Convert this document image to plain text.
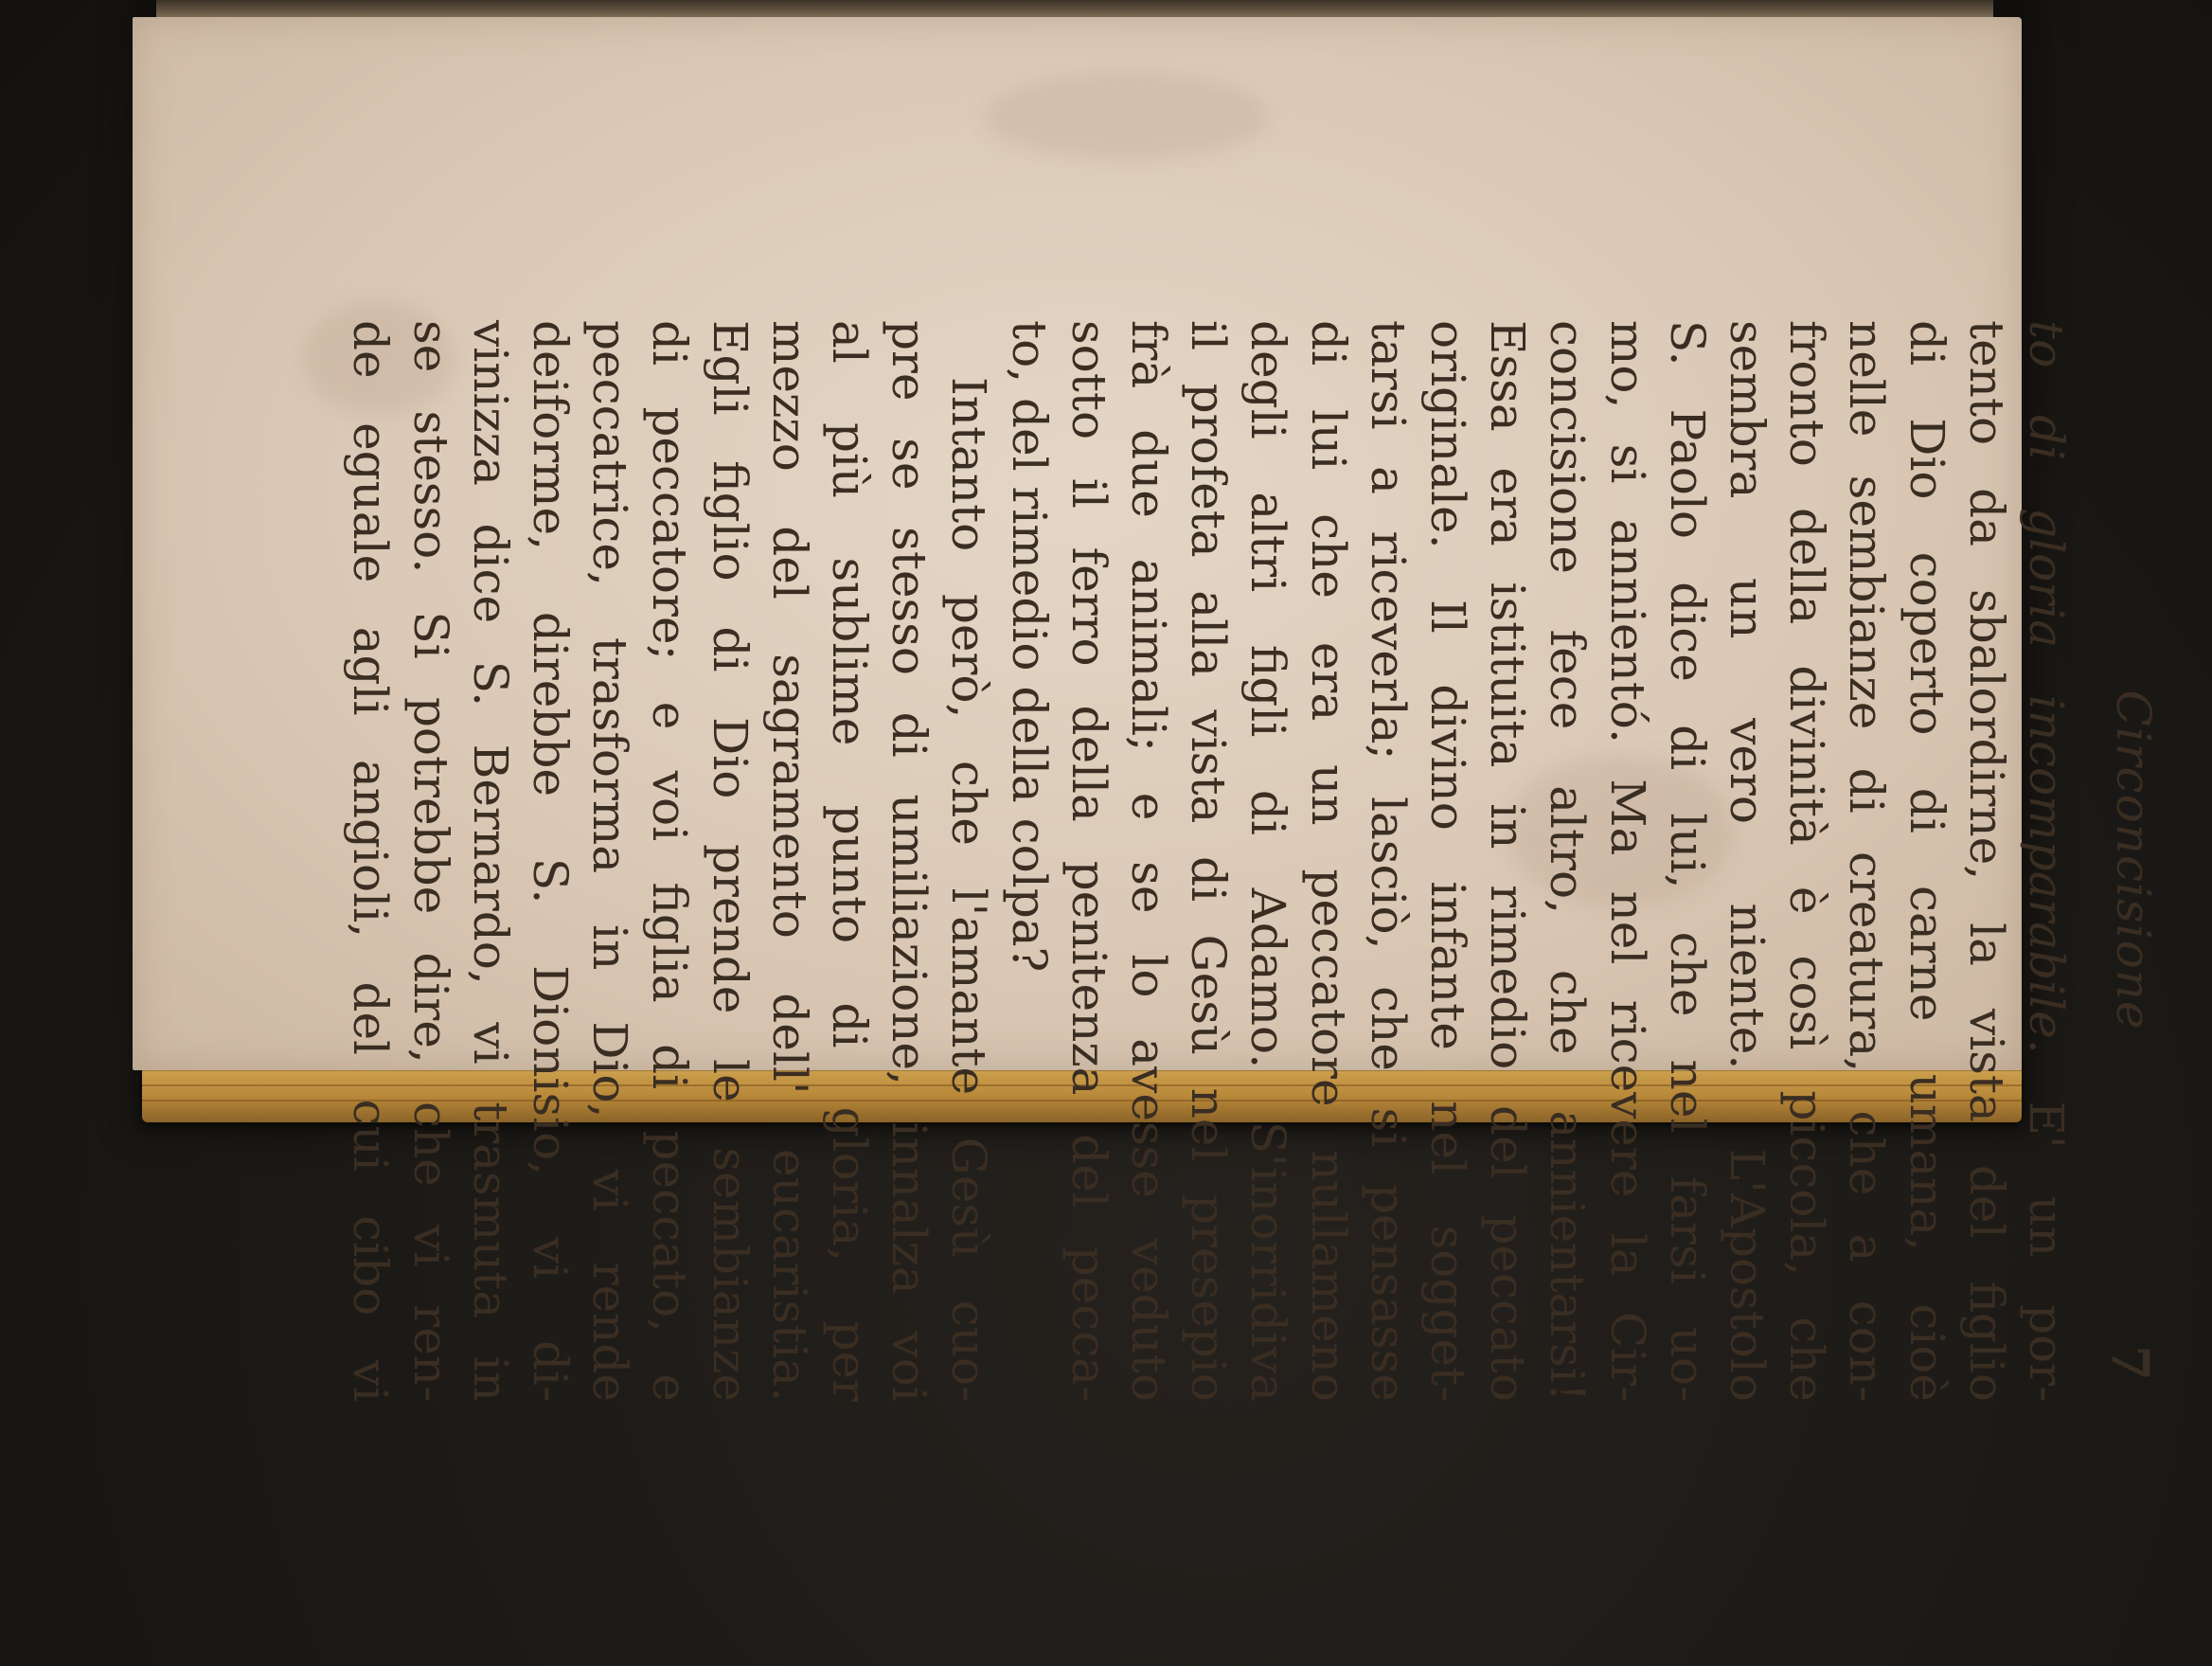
Circoncisione
7
to di gloria incomparabile. E' un por-
tento da sbalordirne, la vista del figlio
di Dio coperto di carne umana, cioè
nelle sembianze di creatura, che a con-
fronto della divinità è così piccola, che
sembra un vero niente. L'Apostolo
S. Paolo dice di lui, che nel farsi uo-
mo, si annientó. Ma nel ricevere la Cir-
concisione fece altro, che annientarsi!
Essa era istituita in rimedio del peccato
originale. Il divino infante nel sogget-
tarsi a riceverla; lasciò, che si pensasse
di lui che era un peccatore nullameno
degli altri figli di Adamo. S'inorridiva
il profeta alla vista di Gesù nel presepio
frà due animali; e se lo avesse veduto
sotto il ferro della penitenza del pecca-
to, del rimedio della colpa?
Intanto però, che l'amante Gesù cuo-
pre se stesso di umiliazione, innalza voi
al più sublime punto di gloria, per
mezzo del sagramento dell' eucaristia.
Egli figlio di Dio prende le sembianze
di peccatore; e voi figlia di peccato, e
peccatrice, trasforma in Dio, vi rende
deiforme, direbbe S. Dionisio, vi di-
vinizza dice S. Bernardo, vi trasmuta in
se stesso. Si potrebbe dire, che vi ren-
de eguale agli angioli, del cui cibo vi
